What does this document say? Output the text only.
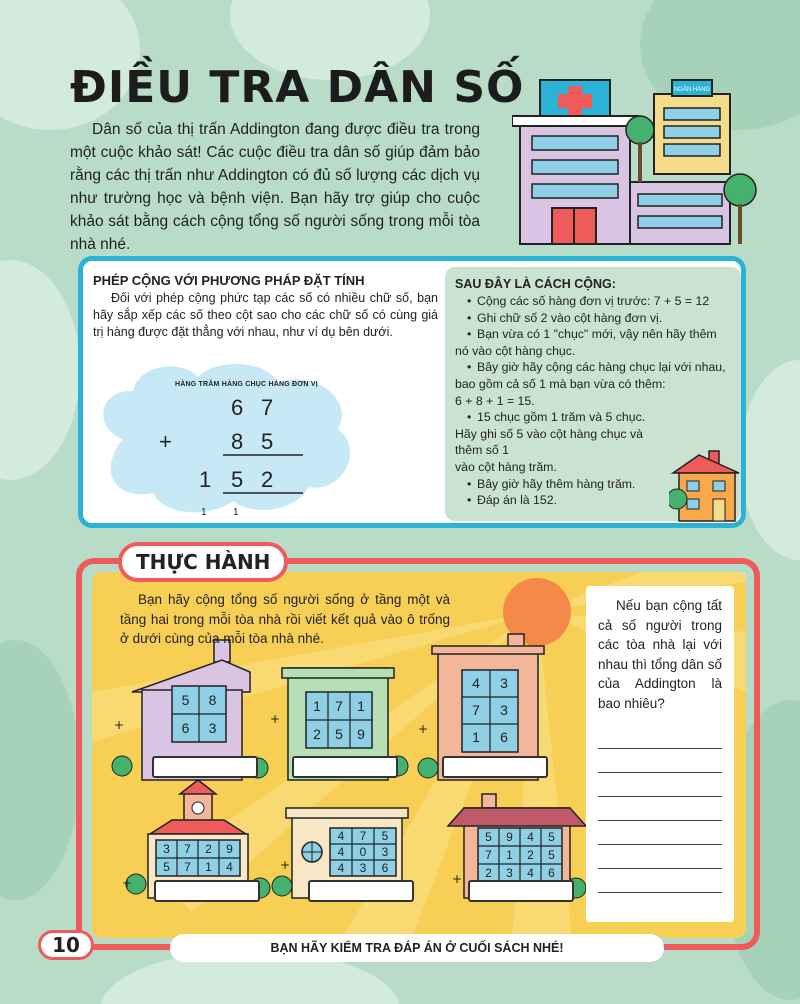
ĐIỀU TRA DÂN SỐ

Dân số của thị trấn Addington đang được điều tra trong một cuộc khảo sát! Các cuộc điều tra dân số giúp đảm bảo rằng các thị trấn như Addington có đủ số lượng các dịch vụ như trường học và bệnh viện. Bạn hãy trợ giúp cho cuộc khảo sát bằng cách cộng tổng số người sống trong mỗi tòa nhà nhé.

NGÂN HÀNG
PHÉP CỘNG VỚI PHƯƠNG PHÁP ĐẶT TÍNH

Đối với phép cộng phức tạp các số có nhiều chữ số, bạn hãy sắp xếp các số theo cột sao cho các chữ số có cùng giá trị hàng được đặt thẳng với nhau, như ví dụ bên dưới.

HÀNG TRĂM HÀNG CHỤC HÀNG ĐƠN VỊ
6 7
+	8 5
1 5 2
1	1
SAU ĐÂY LÀ CÁCH CỘNG:
• Cộng các số hàng đơn vị trước: 7 + 5 = 12
• Ghi chữ số 2 vào cột hàng đơn vị.
• Bạn vừa có 1 "chục" mới, vậy nên hãy thêm nó vào cột hàng chục.
• Bây giờ hãy cộng các hàng chục lại với nhau, bao gồm cả số 1 mà bạn vừa có thêm:
6 + 8 + 1 = 15.
• 15 chục gồm 1 trăm và 5 chục. Hãy ghi số 5 vào cột hàng chục và thêm số 1
vào cột hàng trăm.
• Bây giờ hãy thêm hàng trăm.
• Đáp án là 152.
5	8
6	3
1	7	1
2	5	9
4	3
7	3
1	6
3	7	2	9
5	7	1	4
4	7	5
4	0	3
4	3	6
5	9	4	5
7	1	2	5
2	3	4	6
+	+
+
+
+
+
THỰC HÀNH

Bạn hãy cộng tổng số người sống ở tầng một và tầng hai trong mỗi tòa nhà rồi viết kết quả vào ô trống ở dưới cùng của mỗi tòa nhà nhé.

Nếu bạn cộng tất cả số người trong các tòa nhà lại với nhau thì tổng dân số của Addington là bao nhiêu?

10	BẠN HÃY KIỂM TRA ĐÁP ÁN Ở CUỐI SÁCH NHÉ!
